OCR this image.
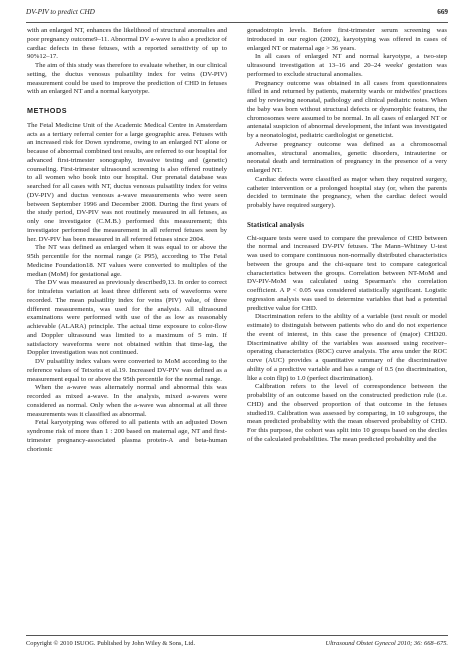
DV-PIV to predict CHD	669

with an enlarged NT, enhances the likelihood of structural anomalies and poor pregnancy outcome9–11. Abnormal DV a-wave is also a predictor of cardiac defects in these fetuses, with a reported sensitivity of up to 90%12–17.

The aim of this study was therefore to evaluate whether, in our clinical setting, the ductus venosus pulsatility index for veins (DV-PIV) measurement could be used to improve the prediction of CHD in fetuses with an enlarged NT and a normal karyotype.

METHODS

The Fetal Medicine Unit of the Academic Medical Centre in Amsterdam acts as a tertiary referral center for a large geographic area. Fetuses with an increased risk for Down syndrome, owing to an enlarged NT alone or because of abnormal combined test results, are referred to our hospital for advanced first-trimester sonography, invasive testing and (genetic) counseling. First-trimester ultrasound screening is also offered routinely to all women who book into our hospital. Our prenatal database was searched for all cases with NT, ductus venosus pulsatility index for veins (DV-PIV) and ductus venosus a-wave measurements who were seen between September 1996 and December 2008. During the first years of the study period, DV-PIV was not routinely measured in all fetuses, as only one investigator (C.M.B.) performed this measurement; this investigator performed the measurement in all referred fetuses seen by her. DV-PIV has been measured in all referred fetuses since 2004.

The NT was defined as enlarged when it was equal to or above the 95th percentile for the normal range (≥ P95), according to The Fetal Medicine Foundation18. NT values were converted to multiples of the median (MoM) for gestational age.

The DV was measured as previously described9,13. In order to correct for intrafetus variation at least three different sets of waveforms were recorded. The mean pulsatility index for veins (PIV) value, of three different measurements, was used for the analysis. All ultrasound examinations were performed with use of the as low as reasonably achievable (ALARA) principle. The actual time exposure to color-flow and Doppler ultrasound was limited to a maximum of 5 min. If satisfactory waveforms were not obtained within that time-lag, the Doppler investigation was not continued.

DV pulsatility index values were converted to MoM according to the reference values of Teixeira et al.19. Increased DV-PIV was defined as a measurement equal to or above the 95th percentile for the normal range.

When the a-wave was alternately normal and abnormal this was recorded as mixed a-wave. In the analysis, mixed a-waves were considered as normal. Only when the a-wave was abnormal at all three measurements was it classified as abnormal.

Fetal karyotyping was offered to all patients with an adjusted Down syndrome risk of more than 1 : 200 based on maternal age, NT and first-trimester pregnancy-associated plasma protein-A and beta-human chorionic

gonadotropin levels. Before first-trimester serum screening was introduced in our region (2002), karyotyping was offered in cases of enlarged NT or maternal age > 36 years.

In all cases of enlarged NT and normal karyotype, a two-step ultrasound investigation at 13–16 and 20–24 weeks' gestation was performed to exclude structural anomalies.

Pregnancy outcome was obtained in all cases from questionnaires filled in and returned by patients, maternity wards or midwifes' practices and by reviewing neonatal, pathology and clinical pediatric notes. When the baby was born without structural defects or dysmorphic features, the chromosomes were assumed to be normal. In all cases of enlarged NT or antenatal suspicion of abnormal development, the infant was investigated by a neonatologist, pediatric cardiologist or geneticist.

Adverse pregnancy outcome was defined as a chromosomal anomalies, structural anomalies, genetic disorders, intrauterine or neonatal death and termination of pregnancy in the presence of a very enlarged NT.

Cardiac defects were classified as major when they required surgery, catheter intervention or a prolonged hospital stay (or, when the parents decided to terminate the pregnancy, when the cardiac defect would probably have required surgery).

Statistical analysis

Chi-square tests were used to compare the prevalence of CHD between the normal and increased DV-PIV fetuses. The Mann–Whitney U-test was used to compare continuous non-normally distributed characteristics between the groups and the chi-square test to compare categorical characteristics between the groups. Correlation between NT-MoM and DV-PIV-MoM was calculated using Spearman's rho correlation coefficient. A P < 0.05 was considered statistically significant. Logistic regression analysis was used to determine variables that had a potential predictive value for CHD.

Discrimination refers to the ability of a variable (test result or model estimate) to distinguish between patients who do and do not experience the event of interest, in this case the presence of (major) CHD20. Discriminative ability of the variables was assessed using receiver–operating characteristics (ROC) curve analysis. The area under the ROC curve (AUC) provides a quantitative summary of the discriminative ability of a predictive variable and has a range of 0.5 (no discrimination, like a coin flip) to 1.0 (perfect discrimination).

Calibration refers to the level of correspondence between the probability of an outcome based on the constructed prediction rule (i.e. CHD) and the observed proportion of that outcome in the fetuses studied19. Calibration was assessed by comparing, in 10 subgroups, the mean predicted probability with the mean observed probability of CHD. For this purpose, the cohort was split into 10 groups based on the deciles of the calculated probabilities. The mean predicted probability and the

Copyright © 2010 ISUOG. Published by John Wiley & Sons, Ltd.	Ultrasound Obstet Gynecol 2010; 36: 668–675.
